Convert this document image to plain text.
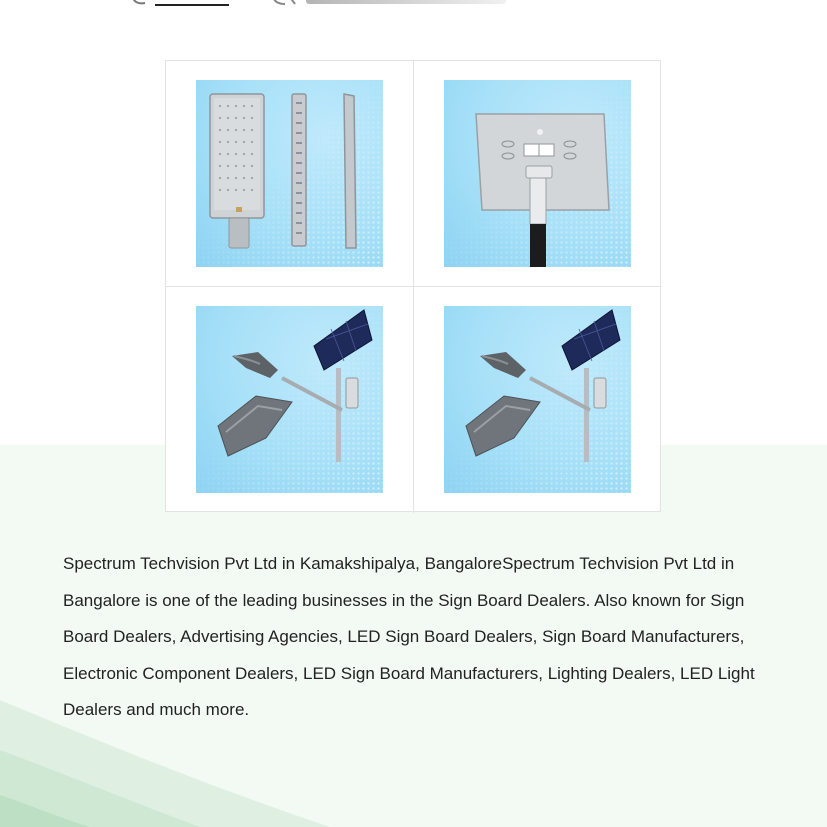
Spectrum Techvision Pvt Ltd in Kamakshipalya, BangaloreSpectrum Techvision Pvt Ltd in Bangalore is one of the leading businesses in the Sign Board Dealers. Also known for Sign Board Dealers, Advertising Agencies, LED Sign Board Dealers, Sign Board Manufacturers, Electronic Component Dealers, LED Sign Board Manufacturers, Lighting Dealers, LED Light Dealers and much more.
